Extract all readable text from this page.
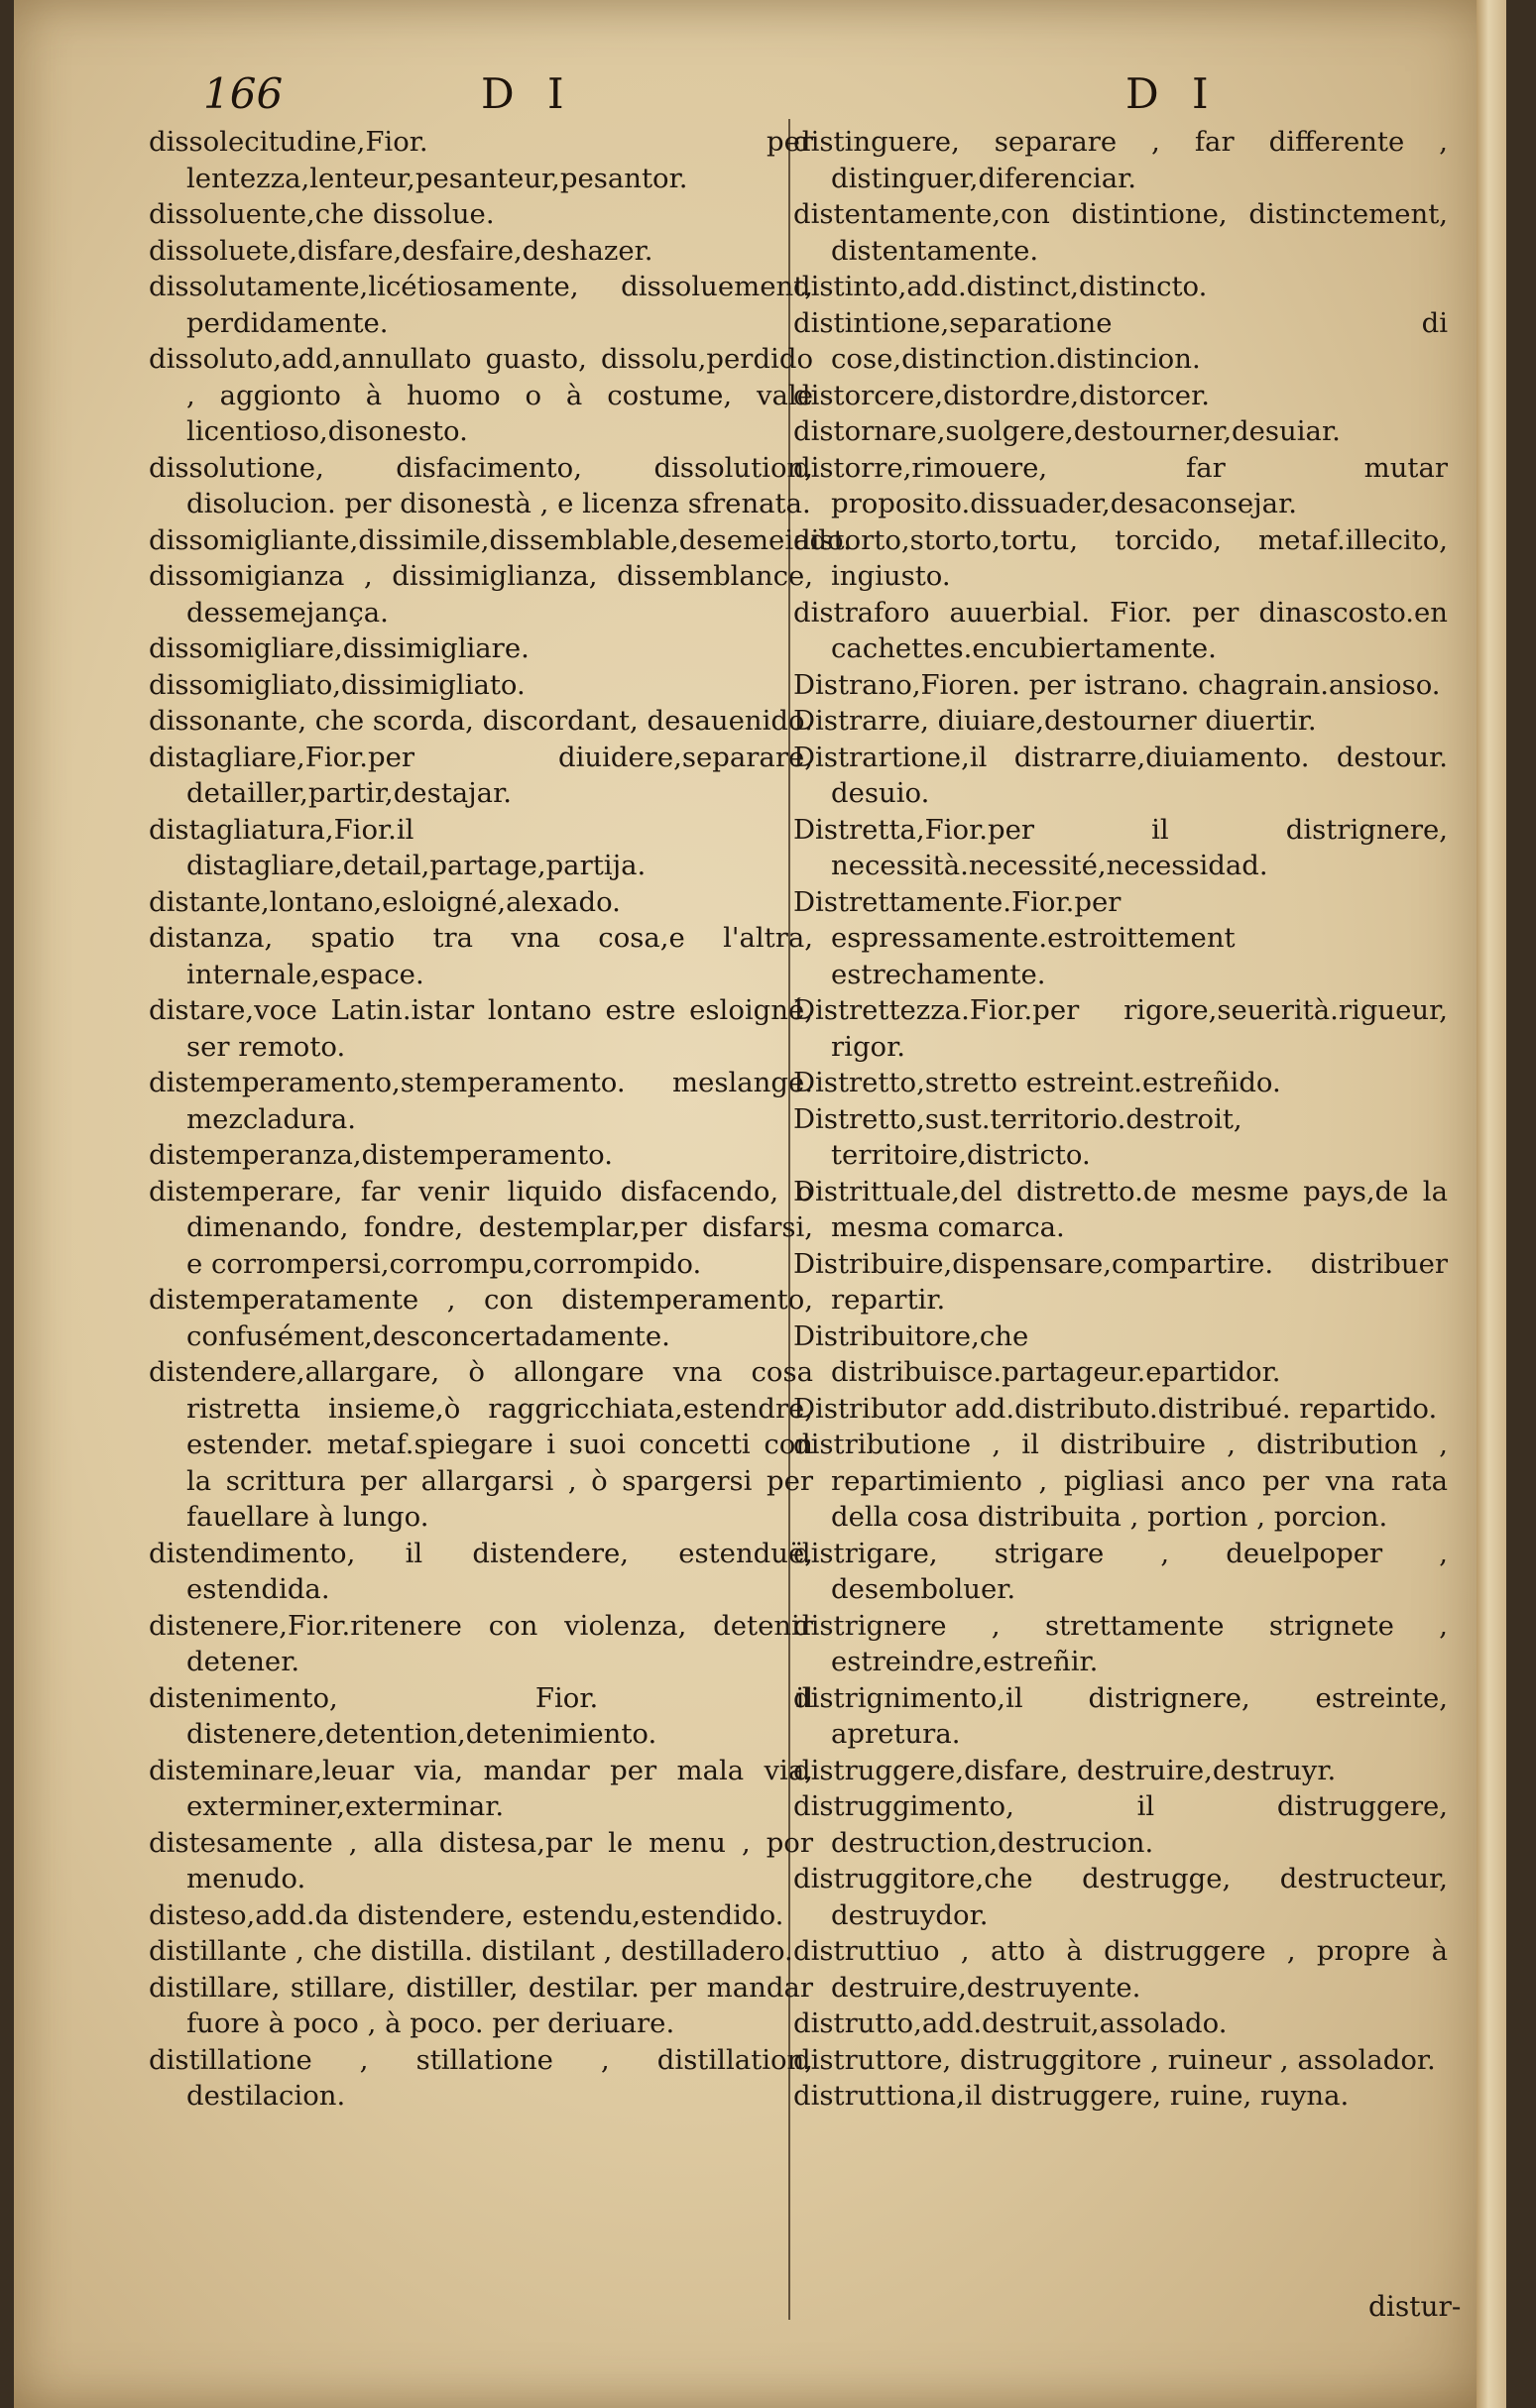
166	D I	D I

dissolecitudine,Fior. per lentezza,lenteur,pesanteur,pesantor.

dissoluente,che dissolue.

dissoluete,disfare,desfaire,deshazer.

dissolutamente,licétiosamente, dissoluement, perdidamente.

dissoluto,add,annullato guasto, dissolu,perdido , aggionto à huomo o à costume, vale licentioso,disonesto.

dissolutione, disfacimento, dissolution, disolucion. per disonestà , e licenza sfrenata.

dissomigliante,dissimile,dissemblable,desemeiado.

dissomigianza , dissimiglianza, dissemblance, dessemejança.

dissomigliare,dissimigliare.

dissomigliato,dissimigliato.

dissonante, che scorda, discordant, desauenido.

distagliare,Fior.per diuidere,separare, detailler,partir,destajar.

distagliatura,Fior.il distagliare,detail,partage,partija.

distante,lontano,esloigné,alexado.

distanza, spatio tra vna cosa,e l'altra, internale,espace.

distare,voce Latin.istar lontano estre esloigné, ser remoto.

distemperamento,stemperamento. meslange. mezcladura.

distemperanza,distemperamento.

distemperare, far venir liquido disfacendo, o dimenando, fondre, destemplar,per disfarsi, e corrompersi,corrompu,corrompido.

distemperatamente , con distemperamento, confusément,desconcertadamente.

distendere,allargare, ò allongare vna cosa ristretta insieme,ò raggricchiata,estendre, estender. metaf.spiegare i suoi concetti con la scrittura per allargarsi , ò spargersi per fauellare à lungo.

distendimento, il distendere, estenduë, estendida.

distenere,Fior.ritenere con violenza, detenir detener.

distenimento, Fior. il distenere,detention,detenimiento.

disteminare,leuar via, mandar per mala via, exterminer,exterminar.

distesamente , alla distesa,par le menu , por menudo.

disteso,add.da distendere, estendu,estendido.

distillante , che distilla. distilant , destilladero.

distillare, stillare, distiller, destilar. per mandar fuore à poco , à poco. per deriuare.

distillatione , stillatione , distillation, destilacion.

distinguere, separare , far differente , distinguer,diferenciar.

distentamente,con distintione, distinctement, distentamente.

distinto,add.distinct,distincto.

distintione,separatione di cose,distinction.distincion.

distorcere,distordre,distorcer.

distornare,suolgere,destourner,desuiar.

distorre,rimouere, far mutar proposito.dissuader,desaconsejar.

distorto,storto,tortu, torcido, metaf.illecito, ingiusto.

distraforo auuerbial. Fior. per dinascosto.en cachettes.encubiertamente.

Distrano,Fioren. per istrano. chagrain.ansioso.

Distrarre, diuiare,destourner diuertir.

Distrartione,il distrarre,diuiamento. destour. desuio.

Distretta,Fior.per il distrignere, necessità.necessité,necessidad.

Distrettamente.Fior.per espressamente.estroittement estrechamente.

Distrettezza.Fior.per rigore,seuerità.rigueur, rigor.

Distretto,stretto estreint.estreñido.

Distretto,sust.territorio.destroit, territoire,districto.

Distrittuale,del distretto.de mesme pays,de la mesma comarca.

Distribuire,dispensare,compartire. distribuer repartir.

Distribuitore,che distribuisce.partageur.epartidor.

Distributor add.distributo.distribué. repartido.

distributione , il distribuire , distribution , repartimiento , pigliasi anco per vna rata della cosa distribuita , portion , porcion.

distrigare, strigare , deuelpoper , desemboluer.

distrignere , strettamente strignete , estreindre,estreñir.

distrignimento,il distrignere, estreinte, apretura.

distruggere,disfare, destruire,destruyr.

distruggimento, il distruggere, destruction,destrucion.

distruggitore,che destrugge, destructeur, destruydor.

distruttiuo , atto à distruggere , propre à destruire,destruyente.

distrutto,add.destruit,assolado.

distruttore, distruggitore , ruineur , assolador.

distruttiona,il distruggere, ruine, ruyna.

distur-
